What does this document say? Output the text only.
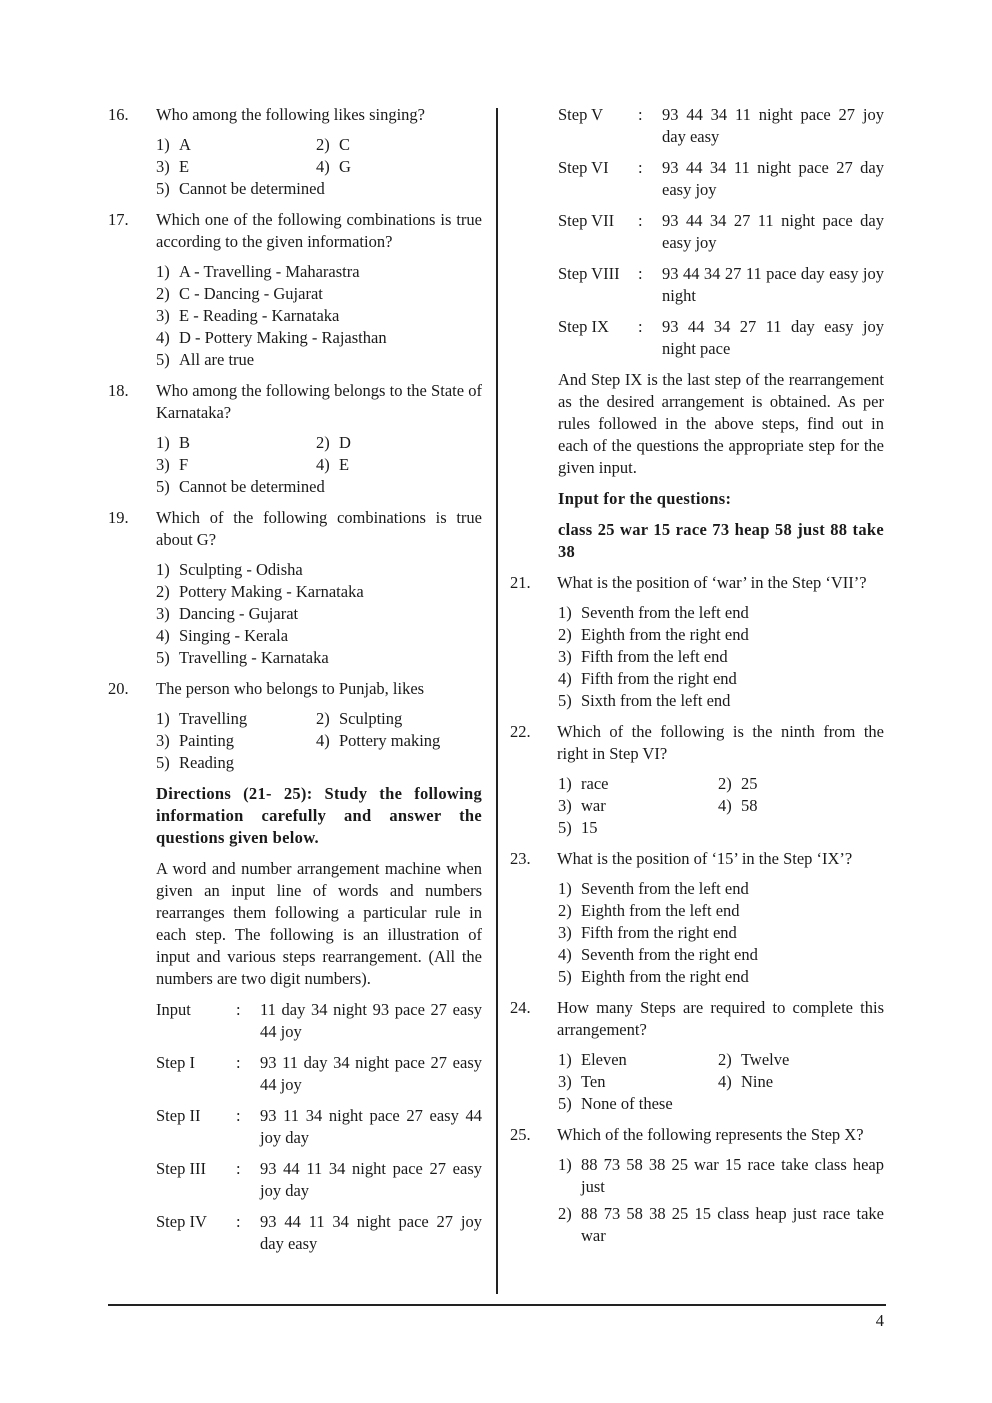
16.	Who among the following likes singing?
1) A	2) C
3) E	4) G
5) Cannot be determined
17.	Which one of the following combinations is true according to the given information?
1) A - Travelling - Maharastra
2) C - Dancing - Gujarat
3) E - Reading - Karnataka
4) D - Pottery Making - Rajasthan
5) All are true
18.	Who among the following belongs to the State of Karnataka?
1) B	2) D
3) F	4) E
5) Cannot be determined
19.	Which of the following combinations is true about G?
1) Sculpting - Odisha
2) Pottery Making - Karnataka
3) Dancing - Gujarat
4) Singing - Kerala
5) Travelling - Karnataka
20.	The person who belongs to Punjab, likes
1) Travelling	2) Sculpting
3) Painting	4) Pottery making
5) Reading
Directions (21- 25): Study the following information carefully and answer the questions given below.
A word and number arrangement machine when given an input line of words and numbers rearranges them following a particular rule in each step. The following is an illustration of input and various steps rearrangement. (All the numbers are two digit numbers).
Input	:	11 day 34 night 93 pace 27 easy 44 joy
Step I	:	93 11 day 34 night pace 27 easy 44 joy
Step II	:	93 11 34 night pace 27 easy 44 joy day
Step III	:	93 44 11 34 night pace 27 easy joy day
Step IV	:	93 44 11 34 night pace 27 joy day easy
Step V	:	93 44 34 11 night pace 27 joy day easy
Step VI	:	93 44 34 11 night pace 27 day easy joy
Step VII	:	93 44 34 27 11 night pace day easy joy
Step VIII	:	93 44 34 27 11 pace day easy joy night
Step IX	:	93 44 34 27 11 day easy joy night pace
And Step IX is the last step of the rearrangement as the desired arrangement is obtained. As per rules followed in the above steps, find out in each of the questions the appropriate step for the given input.
Input for the questions:
class 25 war 15 race 73 heap 58 just 88 take 38
21.	What is the position of ‘war’ in the Step ‘VII’?
1) Seventh from the left end
2) Eighth from the right end
3) Fifth from the left end
4) Fifth from the right end
5) Sixth from the left end
22.	Which of the following is the ninth from the right in Step VI?
1) race	2) 25
3) war	4) 58
5) 15
23.	What is the position of ‘15’ in the Step ‘IX’?
1) Seventh from the left end
2) Eighth from the left end
3) Fifth from the right end
4) Seventh from the right end
5) Eighth from the right end
24.	How many Steps are required to complete this arrangement?
1) Eleven	2) Twelve
3) Ten	4) Nine
5) None of these
25.	Which of the following represents the Step X?
1) 88 73 58 38 25 war 15 race take class heap just
2) 88 73 58 38 25 15 class heap just race take war
4
